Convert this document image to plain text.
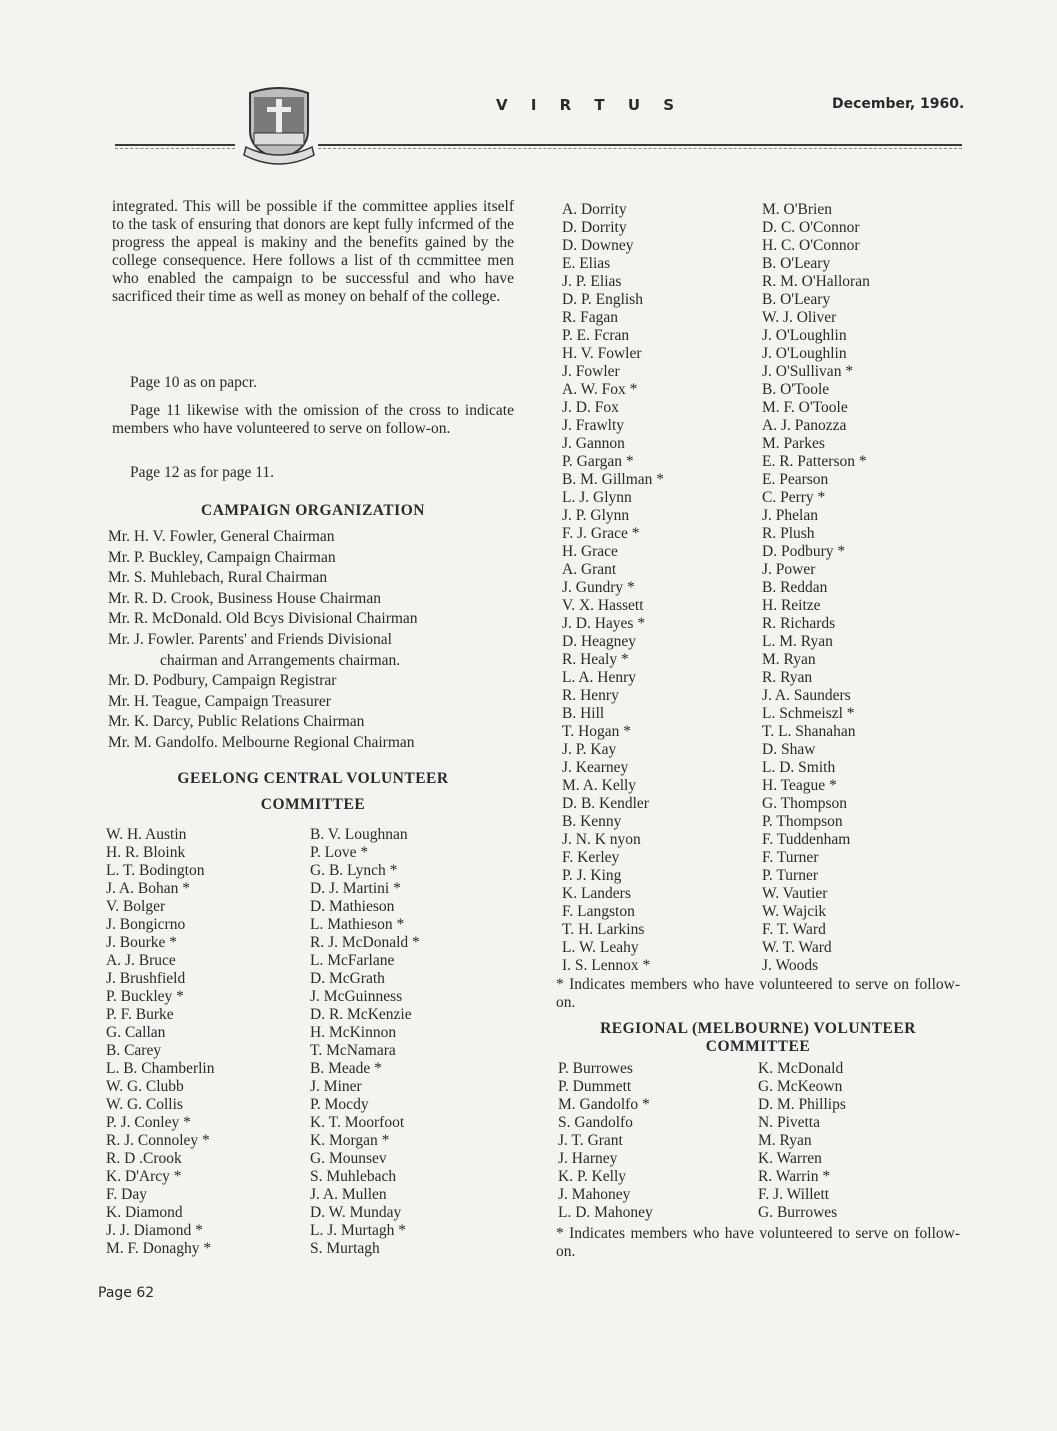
V I R T U S	December, 1960.

integrated. This will be possible if the committee applies itself to the task of ensuring that donors are kept fully infcrmed of the progress the appeal is makiny and the benefits gained by the college consequence. Here follows a list of th ccmmittee men who enabled the campaign to be successful and who have sacrificed their time as well as money on behalf of the college.

Page 10 as on papcr.

Page 11 likewise with the omission of the cross to indicate members who have volunteered to serve on follow-on.

Page 12 as for page 11.

CAMPAIGN ORGANIZATION
Mr. H. V. Fowler, General Chairman
Mr. P. Buckley, Campaign Chairman
Mr. S. Muhlebach, Rural Chairman
Mr. R. D. Crook, Business House Chairman
Mr. R. McDonald. Old Bcys Divisional Chairman
Mr. J. Fowler. Parents' and Friends Divisional
chairman and Arrangements chairman.
Mr. D. Podbury, Campaign Registrar
Mr. H. Teague, Campaign Treasurer
Mr. K. Darcy, Public Relations Chairman
Mr. M. Gandolfo. Melbourne Regional Chairman
GEELONG CENTRAL VOLUNTEER
COMMITTEE
W. H. Austin
H. R. Bloink
L. T. Bodington
J. A. Bohan *
V. Bolger
J. Bongicrno
J. Bourke *
A. J. Bruce
J. Brushfield
P. Buckley *
P. F. Burke
G. Callan
B. Carey
L. B. Chamberlin
W. G. Clubb
W. G. Collis
P. J. Conley *
R. J. Connoley *
R. D .Crook
K. D'Arcy *
F. Day
K. Diamond
J. J. Diamond *
M. F. Donaghy *
B. V. Loughnan
P. Love *
G. B. Lynch *
D. J. Martini *
D. Mathieson
L. Mathieson *
R. J. McDonald *
L. McFarlane
D. McGrath
J. McGuinness
D. R. McKenzie
H. McKinnon
T. McNamara
B. Meade *
J. Miner
P. Mocdy
K. T. Moorfoot
K. Morgan *
G. Mounsev
S. Muhlebach
J. A. Mullen
D. W. Munday
L. J. Murtagh *
S. Murtagh
A. Dorrity
D. Dorrity
D. Downey
E. Elias
J. P. Elias
D. P. English
R. Fagan
P. E. Fcran
H. V. Fowler
J. Fowler
A. W. Fox *
J. D. Fox
J. Frawlty
J. Gannon
P. Gargan *
B. M. Gillman *
L. J. Glynn
J. P. Glynn
F. J. Grace *
H. Grace
A. Grant
J. Gundry *
V. X. Hassett
J. D. Hayes *
D. Heagney
R. Healy *
L. A. Henry
R. Henry
B. Hill
T. Hogan *
J. P. Kay
J. Kearney
M. A. Kelly
D. B. Kendler
B. Kenny
J. N. K nyon
F. Kerley
P. J. King
K. Landers
F. Langston
T. H. Larkins
L. W. Leahy
I. S. Lennox *
M. O'Brien
D. C. O'Connor
H. C. O'Connor
B. O'Leary
R. M. O'Halloran
B. O'Leary
W. J. Oliver
J. O'Loughlin
J. O'Loughlin
J. O'Sullivan *
B. O'Toole
M. F. O'Toole
A. J. Panozza
M. Parkes
E. R. Patterson *
E. Pearson
C. Perry *
J. Phelan
R. Plush
D. Podbury *
J. Power
B. Reddan
H. Reitze
R. Richards
L. M. Ryan
M. Ryan
R. Ryan
J. A. Saunders
L. Schmeiszl *
T. L. Shanahan
D. Shaw
L. D. Smith
H. Teague *
G. Thompson
P. Thompson
F. Tuddenham
F. Turner
P. Turner
W. Vautier
W. Wajcik
F. T. Ward
W. T. Ward
J. Woods

* Indicates members who have volunteered to serve on follow-on.

REGIONAL (MELBOURNE) VOLUNTEER
COMMITTEE
P. Burrowes
P. Dummett
M. Gandolfo *
S. Gandolfo
J. T. Grant
J. Harney
K. P. Kelly
J. Mahoney
L. D. Mahoney
K. McDonald
G. McKeown
D. M. Phillips
N. Pivetta
M. Ryan
K. Warren
R. Warrin *
F. J. Willett
G. Burrowes

* Indicates members who have volunteered to serve on follow-on.

Page 62
